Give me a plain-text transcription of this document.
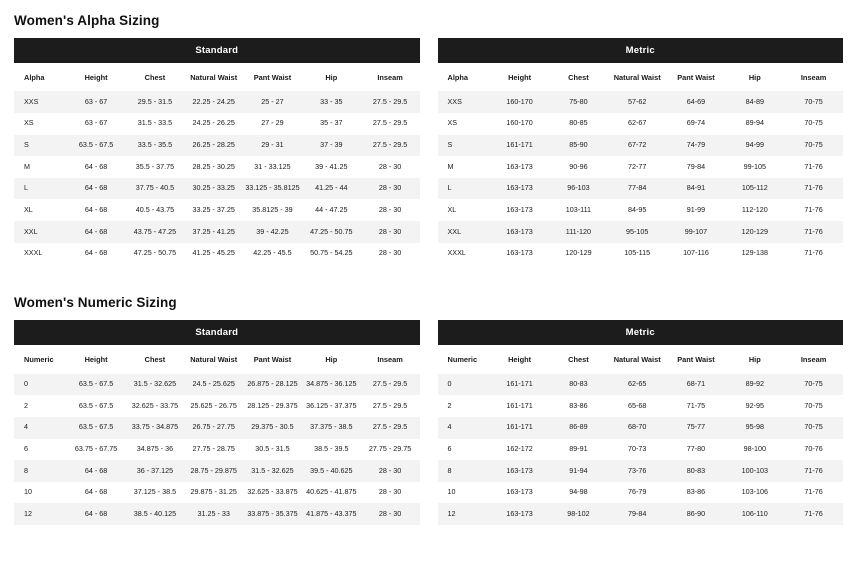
Women's Alpha Sizing
Standard
Alpha	Height	Chest	Natural Waist	Pant Waist	Hip	Inseam
XXS	63 - 67	29.5 - 31.5	22.25 - 24.25	25 - 27	33 - 35	27.5 - 29.5
XS	63 - 67	31.5 - 33.5	24.25 - 26.25	27 - 29	35 - 37	27.5 - 29.5
S	63.5 - 67.5	33.5 - 35.5	26.25 - 28.25	29 - 31	37 - 39	27.5 - 29.5
M	64 - 68	35.5 - 37.75	28.25 - 30.25	31 - 33.125	39 - 41.25	28 - 30
L	64 - 68	37.75 - 40.5	30.25 - 33.25	33.125 - 35.8125	41.25 - 44	28 - 30
XL	64 - 68	40.5 - 43.75	33.25 - 37.25	35.8125 - 39	44 - 47.25	28 - 30
XXL	64 - 68	43.75 - 47.25	37.25 - 41.25	39 - 42.25	47.25 - 50.75	28 - 30
XXXL	64 - 68	47.25 - 50.75	41.25 - 45.25	42.25 - 45.5	50.75 - 54.25	28 - 30
Metric
Alpha	Height	Chest	Natural Waist	Pant Waist	Hip	Inseam
XXS	160-170	75-80	57-62	64-69	84-89	70-75
XS	160-170	80-85	62-67	69-74	89-94	70-75
S	161-171	85-90	67-72	74-79	94-99	70-75
M	163-173	90-96	72-77	79-84	99-105	71-76
L	163-173	96-103	77-84	84-91	105-112	71-76
XL	163-173	103-111	84-95	91-99	112-120	71-76
XXL	163-173	111-120	95-105	99-107	120-129	71-76
XXXL	163-173	120-129	105-115	107-116	129-138	71-76
Women's Numeric Sizing
Standard
Numeric	Height	Chest	Natural Waist	Pant Waist	Hip	Inseam
0	63.5 - 67.5	31.5 - 32.625	24.5 - 25.625	26.875 - 28.125	34.875 - 36.125	27.5 - 29.5
2	63.5 - 67.5	32.625 - 33.75	25.625 - 26.75	28.125 - 29.375	36.125 - 37.375	27.5 - 29.5
4	63.5 - 67.5	33.75 - 34.875	26.75 - 27.75	29.375 - 30.5	37.375 - 38.5	27.5 - 29.5
6	63.75 - 67.75	34.875 - 36	27.75 - 28.75	30.5 - 31.5	38.5 - 39.5	27.75 - 29.75
8	64 - 68	36 - 37.125	28.75 - 29.875	31.5 - 32.625	39.5 - 40.625	28 - 30
10	64 - 68	37.125 - 38.5	29.875 - 31.25	32.625 - 33.875	40.625 - 41.875	28 - 30
12	64 - 68	38.5 - 40.125	31.25 - 33	33.875 - 35.375	41.875 - 43.375	28 - 30
Metric
Numeric	Height	Chest	Natural Waist	Pant Waist	Hip	Inseam
0	161-171	80-83	62-65	68-71	89-92	70-75
2	161-171	83-86	65-68	71-75	92-95	70-75
4	161-171	86-89	68-70	75-77	95-98	70-75
6	162-172	89-91	70-73	77-80	98-100	70-76
8	163-173	91-94	73-76	80-83	100-103	71-76
10	163-173	94-98	76-79	83-86	103-106	71-76
12	163-173	98-102	79-84	86-90	106-110	71-76
